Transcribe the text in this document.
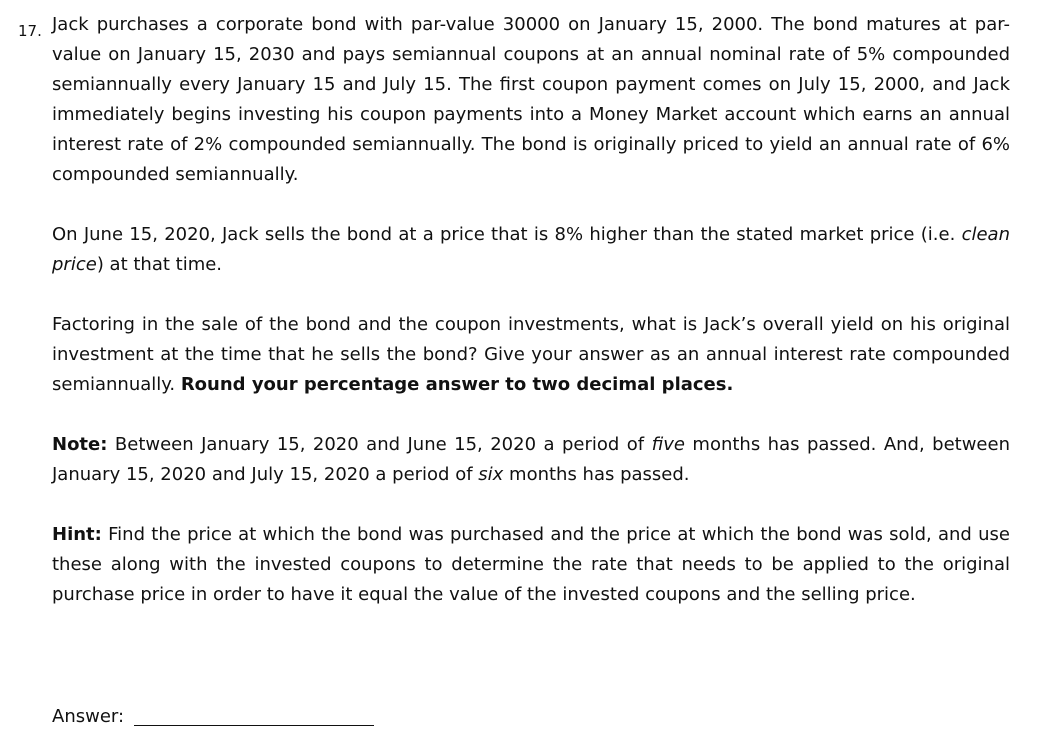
17. Jack purchases a corporate bond with par-value 30000 on January 15, 2000. The bond matures at par-value on January 15, 2030 and pays semiannual coupons at an annual nominal rate of 5% compounded semiannually every January 15 and July 15. The first coupon payment comes on July 15, 2000, and Jack immediately begins investing his coupon payments into a Money Market account which earns an annual interest rate of 2% compounded semiannually. The bond is originally priced to yield an annual rate of 6% compounded semiannually.

On June 15, 2020, Jack sells the bond at a price that is 8% higher than the stated market price (i.e. clean price) at that time.

Factoring in the sale of the bond and the coupon investments, what is Jack’s overall yield on his original investment at the time that he sells the bond? Give your answer as an annual interest rate compounded semiannually. Round your percentage answer to two decimal places.

Note: Between January 15, 2020 and June 15, 2020 a period of five months has passed. And, between January 15, 2020 and July 15, 2020 a period of six months has passed.

Hint: Find the price at which the bond was purchased and the price at which the bond was sold, and use these along with the invested coupons to determine the rate that needs to be applied to the original purchase price in order to have it equal the value of the invested coupons and the selling price.

Answer:
